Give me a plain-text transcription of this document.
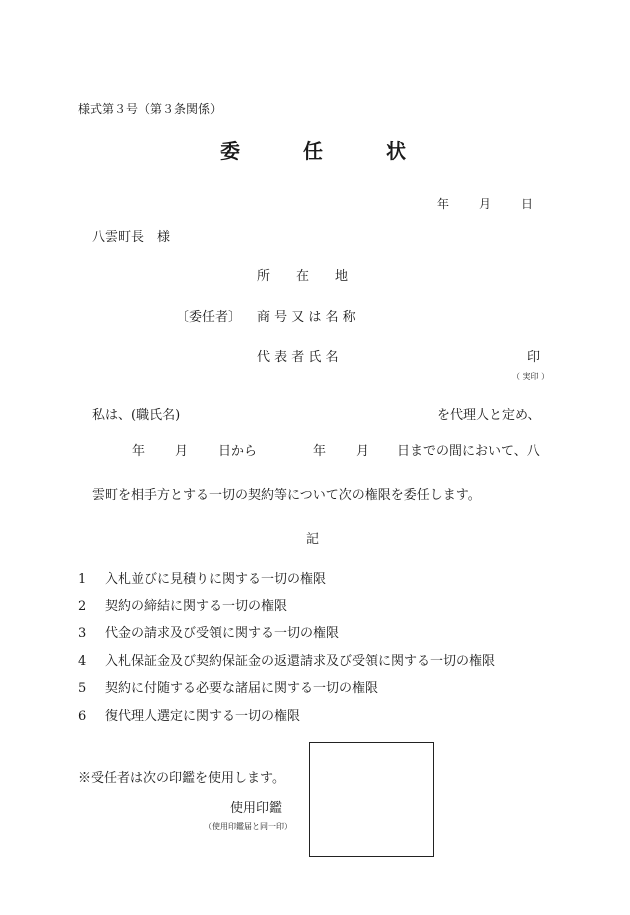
様式第３号（第３条関係）
委	任	状
年 月 日
八雲町長　様
所　　在　　地
〔委任者〕 商 号 又 は 名 称
代 表 者 氏 名	印
（ 実印 ）
私は、(職氏名)	を代理人と定め、
年 月 日から	年 月 日までの間において、八
雲町を相手方とする一切の契約等について次の権限を委任します。
記
1 入札並びに見積りに関する一切の権限
2 契約の締結に関する一切の権限
3 代金の請求及び受領に関する一切の権限
4 入札保証金及び契約保証金の返還請求及び受領に関する一切の権限
5 契約に付随する必要な諸届に関する一切の権限
6 復代理人選定に関する一切の権限
※受任者は次の印鑑を使用します。
使用印鑑
（使用印鑑届と同一印）
